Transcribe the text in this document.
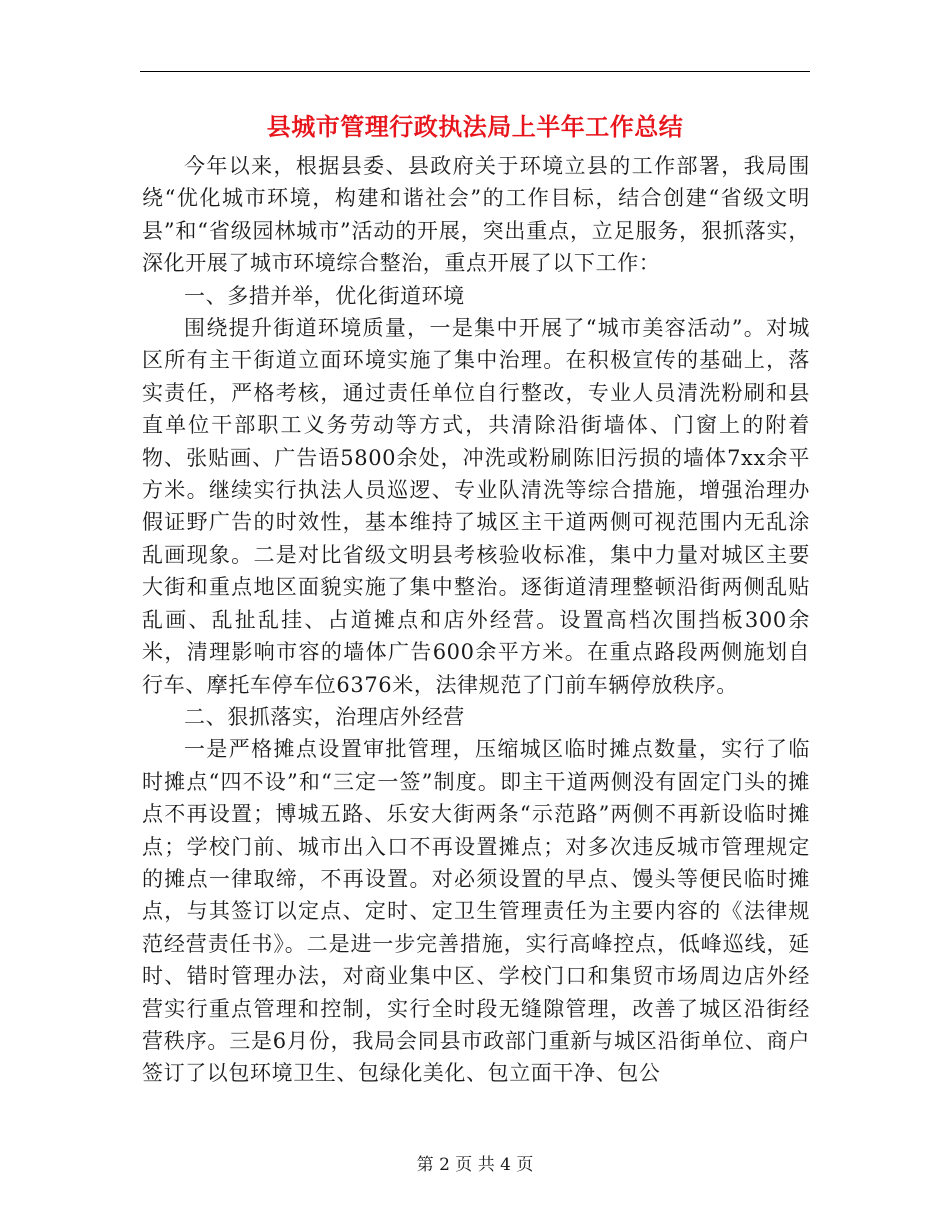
县城市管理行政执法局上半年工作总结

今年以来，根据县委、县政府关于环境立县的工作部署，我局围绕“优化城市环境，构建和谐社会”的工作目标，结合创建“省级文明县”和“省级园林城市”活动的开展，突出重点，立足服务，狠抓落实，深化开展了城市环境综合整治，重点开展了以下工作：

一、多措并举，优化街道环境

围绕提升街道环境质量，一是集中开展了“城市美容活动”。对城区所有主干街道立面环境实施了集中治理。在积极宣传的基础上，落实责任，严格考核，通过责任单位自行整改，专业人员清洗粉刷和县直单位干部职工义务劳动等方式，共清除沿街墙体、门窗上的附着物、张贴画、广告语5800余处，冲洗或粉刷陈旧污损的墙体7xx余平方米。继续实行执法人员巡逻、专业队清洗等综合措施，增强治理办假证野广告的时效性，基本维持了城区主干道两侧可视范围内无乱涂乱画现象。二是对比省级文明县考核验收标准，集中力量对城区主要大街和重点地区面貌实施了集中整治。逐街道清理整顿沿街两侧乱贴乱画、乱扯乱挂、占道摊点和店外经营。设置高档次围挡板300余米，清理影响市容的墙体广告600余平方米。在重点路段两侧施划自行车、摩托车停车位6376米，法律规范了门前车辆停放秩序。

二、狠抓落实，治理店外经营

一是严格摊点设置审批管理，压缩城区临时摊点数量，实行了临时摊点“四不设”和“三定一签”制度。即主干道两侧没有固定门头的摊点不再设置；博城五路、乐安大街两条“示范路”两侧不再新设临时摊点；学校门前、城市出入口不再设置摊点；对多次违反城市管理规定的摊点一律取缔，不再设置。对必须设置的早点、馒头等便民临时摊点，与其签订以定点、定时、定卫生管理责任为主要内容的《法律规范经营责任书》。二是进一步完善措施，实行高峰控点，低峰巡线，延时、错时管理办法，对商业集中区、学校门口和集贸市场周边店外经营实行重点管理和控制，实行全时段无缝隙管理，改善了城区沿街经营秩序。三是6月份，我局会同县市政部门重新与城区沿街单位、商户签订了以包环境卫生、包绿化美化、包立面干净、包公

第 2 页 共 4 页
